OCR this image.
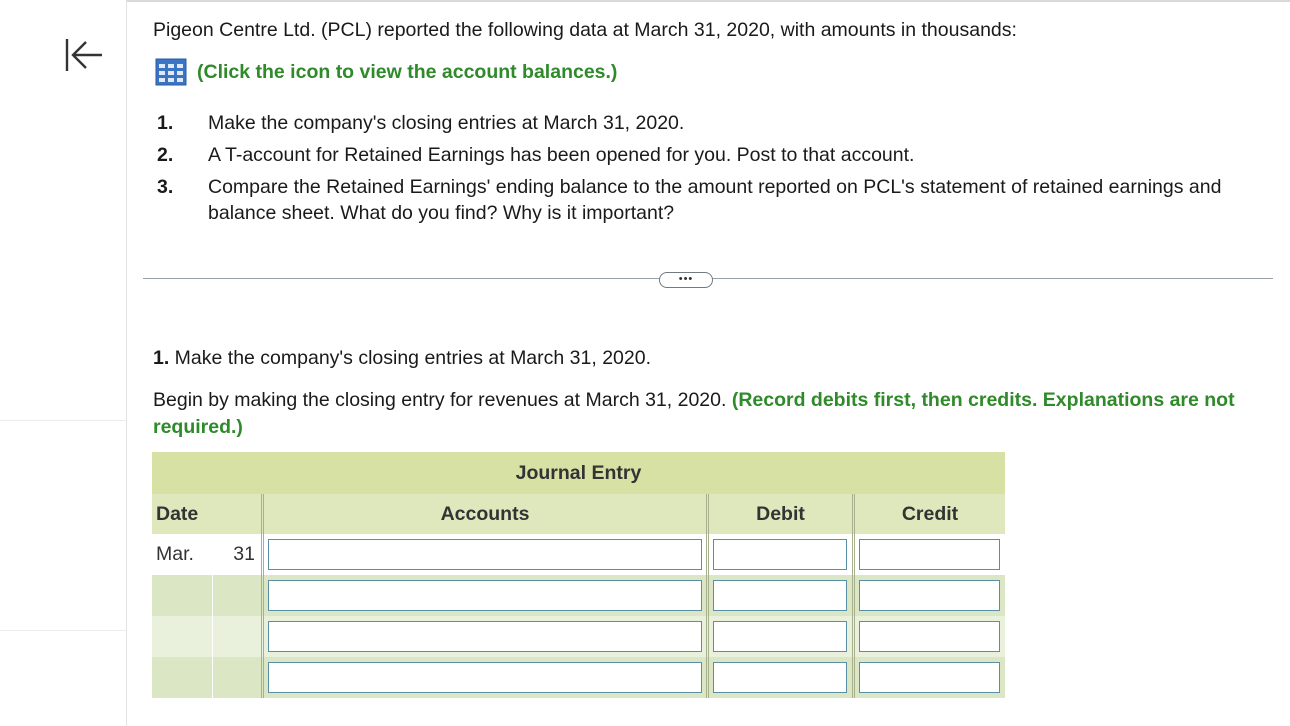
Pigeon Centre Ltd. (PCL) reported the following data at March 31, 2020, with amounts in thousands:
(Click the icon to view the account balances.)
1. Make the company's closing entries at March 31, 2020.
2. A T-account for Retained Earnings has been opened for you. Post to that account.
3. Compare the Retained Earnings' ending balance to the amount reported on PCL's statement of retained earnings and balance sheet. What do you find? Why is it important?
•••
1. Make the company's closing entries at March 31, 2020.
Begin by making the closing entry for revenues at March 31, 2020. (Record debits first, then credits. Explanations are not required.)
Journal Entry				
Date		Accounts	Debit	Credit
Mar.	31	
